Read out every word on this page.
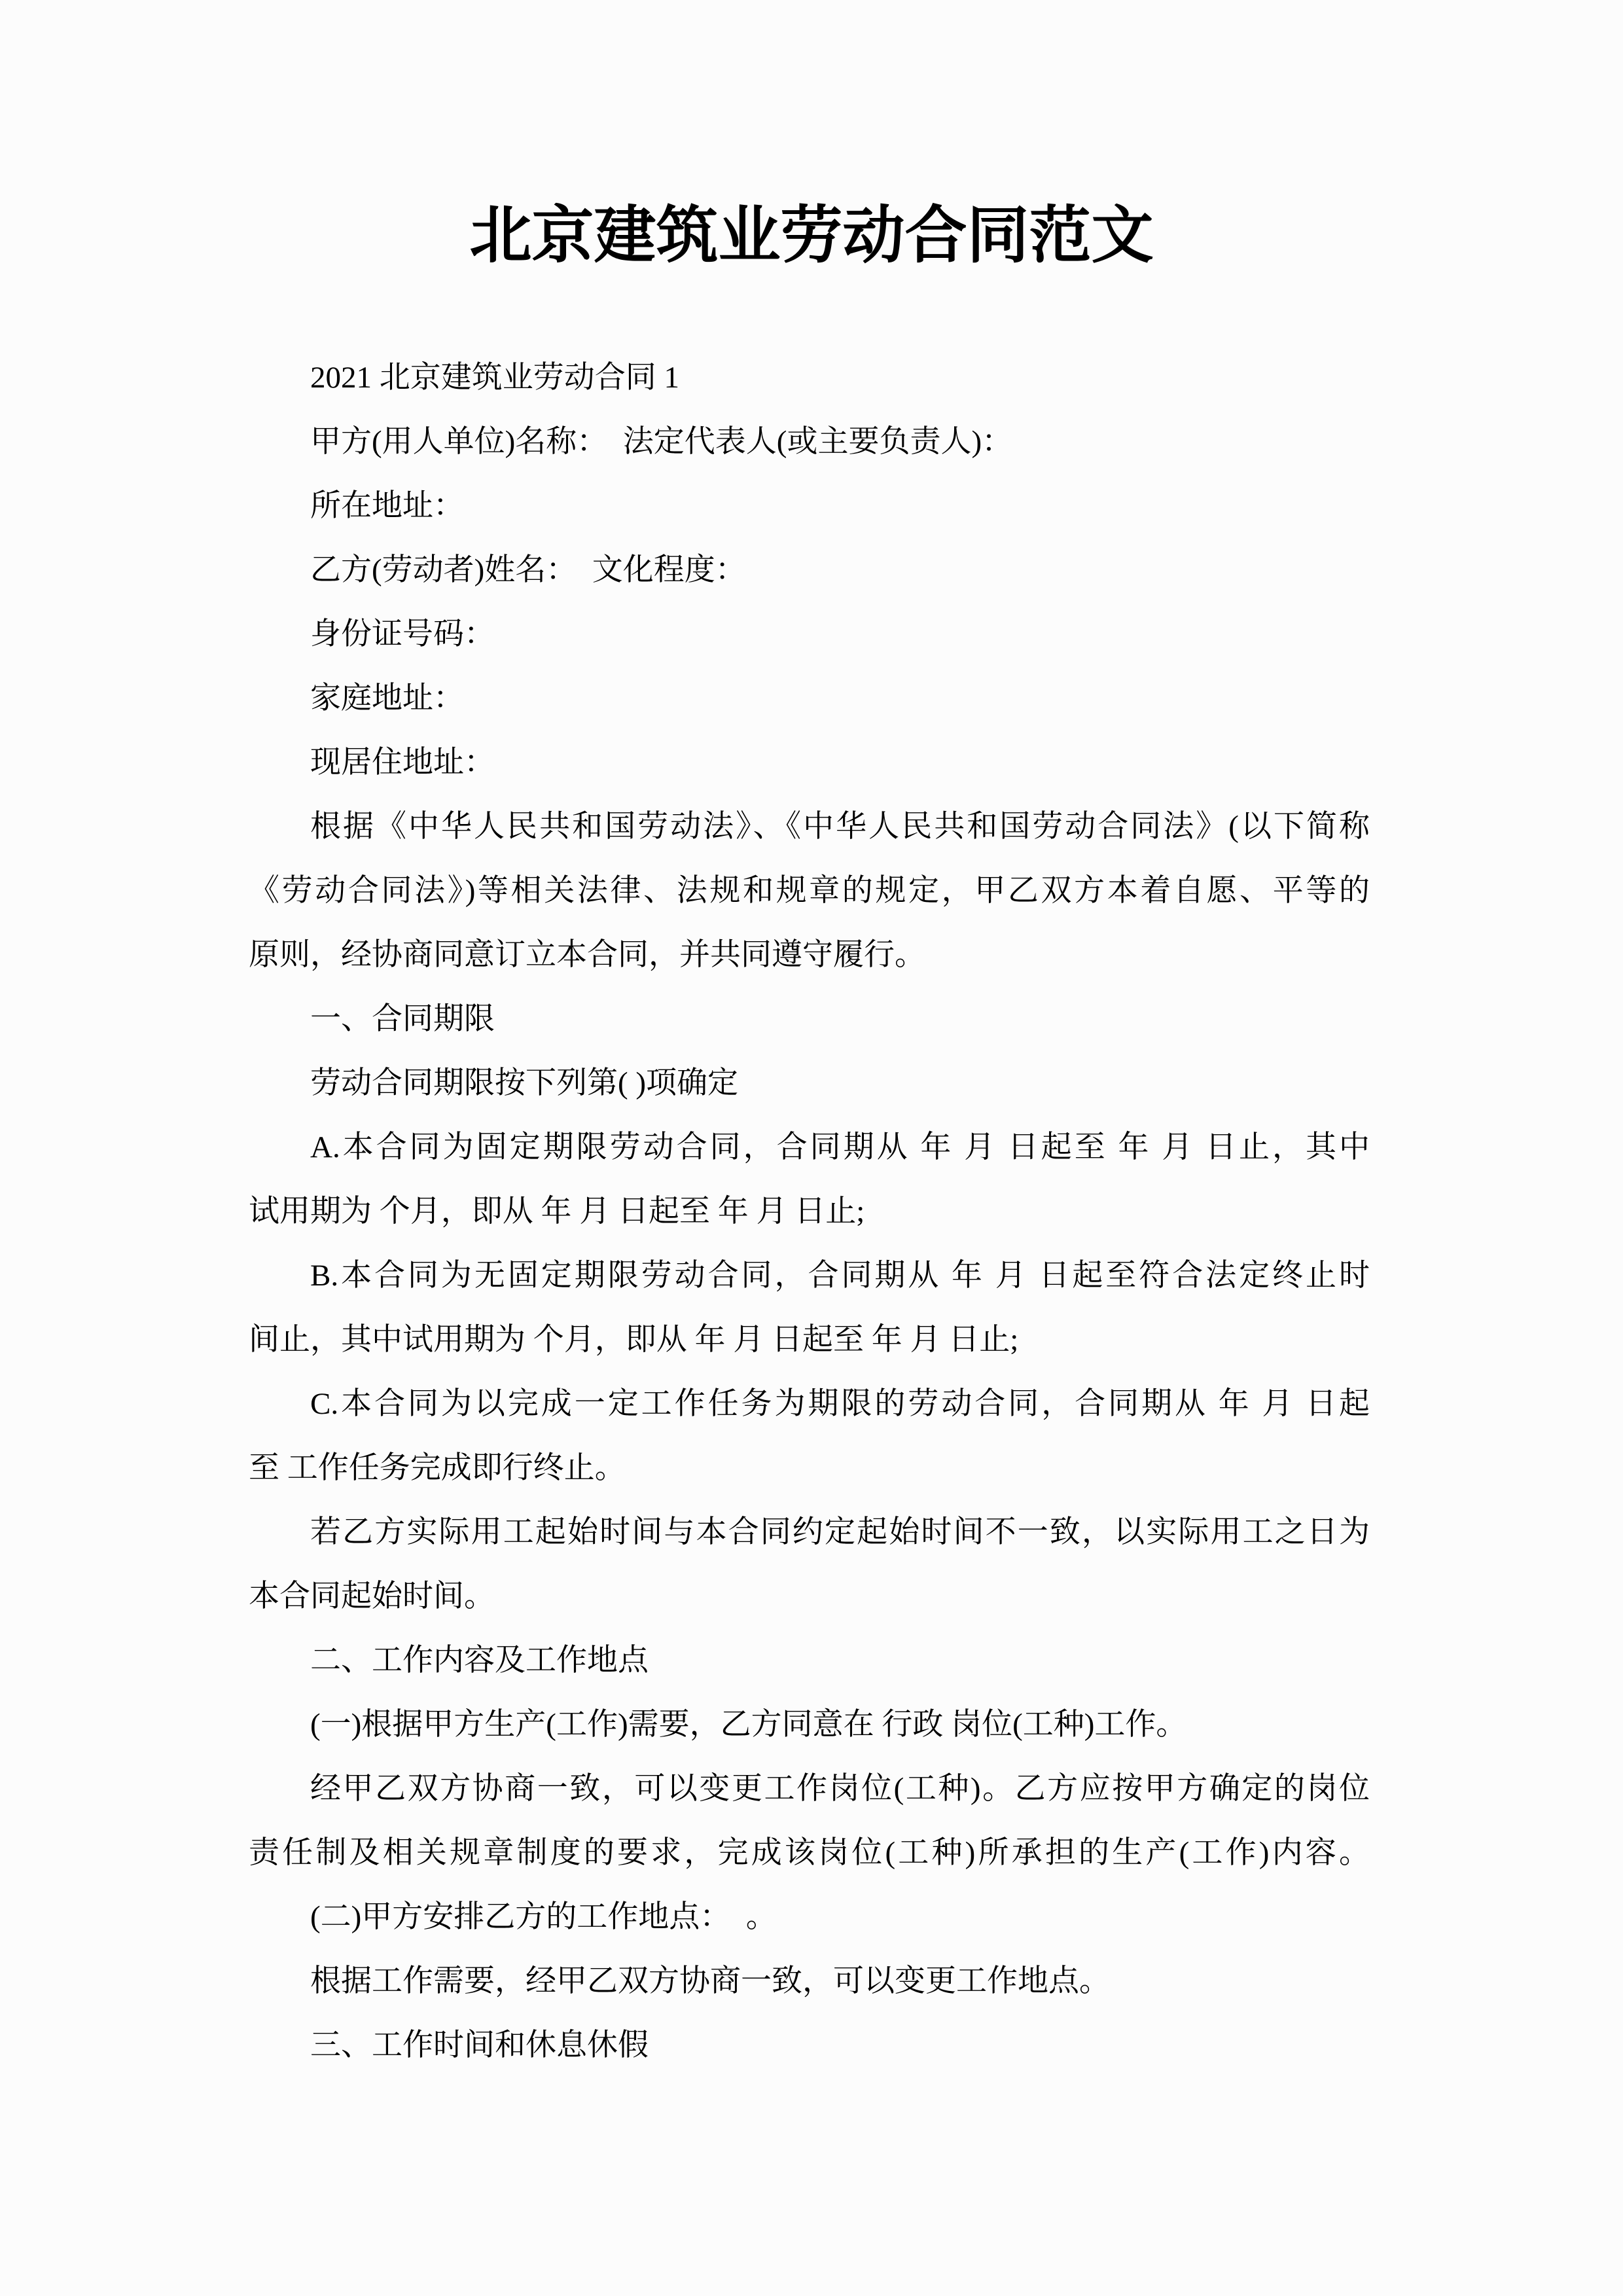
北京建筑业劳动合同范文
2021 北京建筑业劳动合同 1
甲方(用人单位)名称：  法定代表人(或主要负责人)：
所在地址：
乙方(劳动者)姓名：  文化程度：
身份证号码：
家庭地址：
现居住地址：
根据《中华人民共和国劳动法》、《中华人民共和国劳动合同法》(以下简称
《劳动合同法》)等相关法律、法规和规章的规定，甲乙双方本着自愿、平等的
原则，经协商同意订立本合同，并共同遵守履行。
一、合同期限
劳动合同期限按下列第( )项确定
A.本合同为固定期限劳动合同，合同期从 年 月 日起至 年 月 日止，其中
试用期为 个月，即从 年 月 日起至 年 月 日止;
B.本合同为无固定期限劳动合同，合同期从 年 月 日起至符合法定终止时
间止，其中试用期为 个月，即从 年 月 日起至 年 月 日止;
C.本合同为以完成一定工作任务为期限的劳动合同，合同期从 年 月 日起
至 工作任务完成即行终止。
若乙方实际用工起始时间与本合同约定起始时间不一致，以实际用工之日为
本合同起始时间。
二、工作内容及工作地点
(一)根据甲方生产(工作)需要，乙方同意在 行政 岗位(工种)工作。
经甲乙双方协商一致，可以变更工作岗位(工种)。乙方应按甲方确定的岗位
责任制及相关规章制度的要求，完成该岗位(工种)所承担的生产(工作)内容。
(二)甲方安排乙方的工作地点：  。
根据工作需要，经甲乙双方协商一致，可以变更工作地点。
三、工作时间和休息休假
